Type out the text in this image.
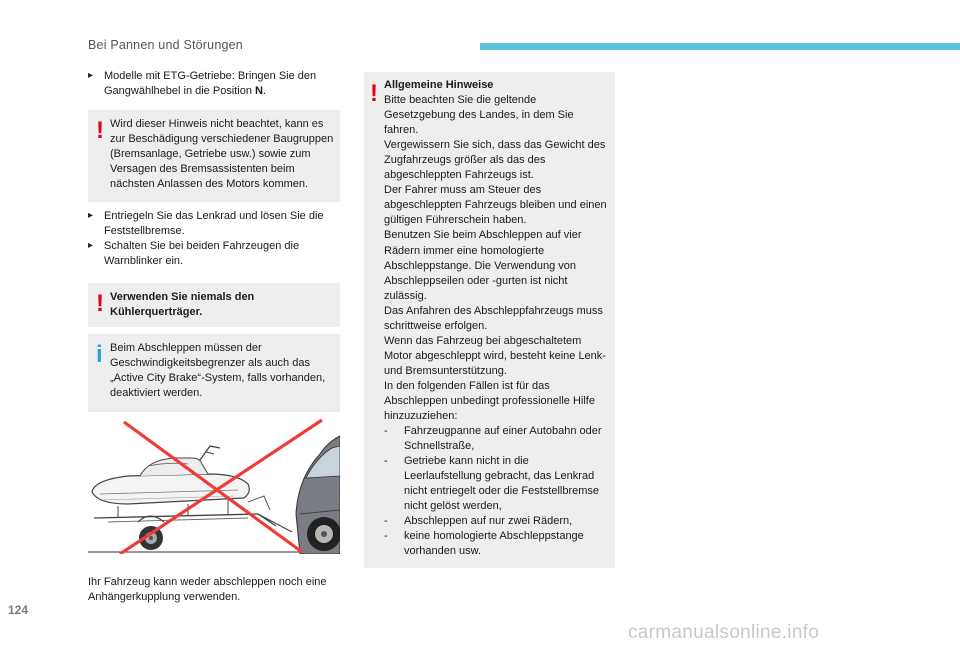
Bei Pannen und Störungen
▸ Modelle mit ETG-Getriebe: Bringen Sie den Gangwählhebel in die Position N.
! Wird dieser Hinweis nicht beachtet, kann es zur Beschädigung verschiedener Baugruppen (Bremsanlage, Getriebe usw.) sowie zum Versagen des Bremsassistenten beim nächsten Anlassen des Motors kommen.
▸ Entriegeln Sie das Lenkrad und lösen Sie die Feststellbremse.
▸ Schalten Sie bei beiden Fahrzeugen die Warnblinker ein.
! Verwenden Sie niemals den Kühlerquerträger.
i Beim Abschleppen müssen der Geschwindigkeitsbegrenzer als auch das „Active City Brake“-System, falls vorhanden, deaktiviert werden.
Ihr Fahrzeug kann weder abschleppen noch eine Anhängerkupplung verwenden.
! Allgemeine Hinweise
Bitte beachten Sie die geltende Gesetzgebung des Landes, in dem Sie fahren.
Vergewissern Sie sich, dass das Gewicht des Zugfahrzeugs größer als das des abgeschleppten Fahrzeugs ist.
Der Fahrer muss am Steuer des abgeschleppten Fahrzeugs bleiben und einen gültigen Führerschein haben.
Benutzen Sie beim Abschleppen auf vier Rädern immer eine homologierte Abschleppstange. Die Verwendung von Abschleppseilen oder -gurten ist nicht zulässig.
Das Anfahren des Abschleppfahrzeugs muss schrittweise erfolgen.
Wenn das Fahrzeug bei abgeschaltetem Motor abgeschleppt wird, besteht keine Lenk- und Bremsunterstützung.
In den folgenden Fällen ist für das Abschleppen unbedingt professionelle Hilfe hinzuzuziehen:
- Fahrzeugpanne auf einer Autobahn oder Schnellstraße,
- Getriebe kann nicht in die Leerlaufstellung gebracht, das Lenkrad nicht entriegelt oder die Feststellbremse nicht gelöst werden,
- Abschleppen auf nur zwei Rädern,
- keine homologierte Abschleppstange vorhanden usw.
124
carmanualsonline.info
